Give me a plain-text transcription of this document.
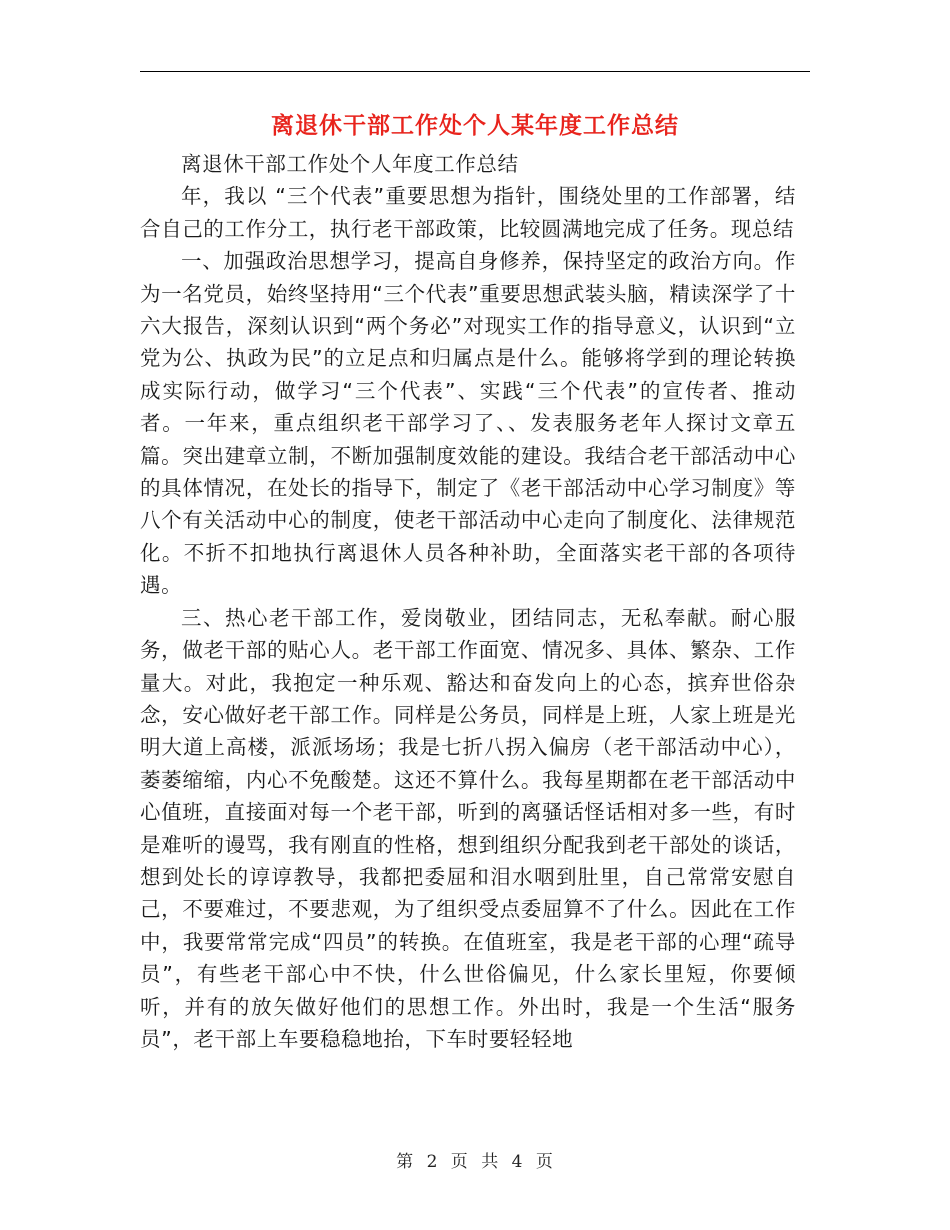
离退休干部工作处个人某年度工作总结

离退休干部工作处个人年度工作总结

年，我以 “三个代表”重要思想为指针，围绕处里的工作部署，结合自己的工作分工，执行老干部政策，比较圆满地完成了任务。现总结

一、加强政治思想学习，提高自身修养，保持坚定的政治方向。作为一名党员，始终坚持用“三个代表”重要思想武装头脑，精读深学了十六大报告，深刻认识到“两个务必”对现实工作的指导意义，认识到“立党为公、执政为民”的立足点和归属点是什么。能够将学到的理论转换成实际行动，做学习“三个代表”、实践“三个代表”的宣传者、推动者。一年来，重点组织老干部学习了、、发表服务老年人探讨文章五篇。突出建章立制，不断加强制度效能的建设。我结合老干部活动中心的具体情况，在处长的指导下，制定了《老干部活动中心学习制度》等八个有关活动中心的制度，使老干部活动中心走向了制度化、法律规范化。不折不扣地执行离退休人员各种补助，全面落实老干部的各项待遇。

三、热心老干部工作，爱岗敬业，团结同志，无私奉献。耐心服务，做老干部的贴心人。老干部工作面宽、情况多、具体、繁杂、工作量大。对此，我抱定一种乐观、豁达和奋发向上的心态，摈弃世俗杂念，安心做好老干部工作。同样是公务员，同样是上班，人家上班是光明大道上高楼，派派场场；我是七折八拐入偏房（老干部活动中心），萎萎缩缩，内心不免酸楚。这还不算什么。我每星期都在老干部活动中心值班，直接面对每一个老干部，听到的离骚话怪话相对多一些，有时是难听的谩骂，我有刚直的性格，想到组织分配我到老干部处的谈话，想到处长的谆谆教导，我都把委屈和泪水咽到肚里，自己常常安慰自己，不要难过，不要悲观，为了组织受点委屈算不了什么。因此在工作中，我要常常完成“四员”的转换。在值班室，我是老干部的心理“疏导员”，有些老干部心中不快，什么世俗偏见，什么家长里短，你要倾听，并有的放矢做好他们的思想工作。外出时，我是一个生活“服务员”，老干部上车要稳稳地抬，下车时要轻轻地

第 2 页 共 4 页
